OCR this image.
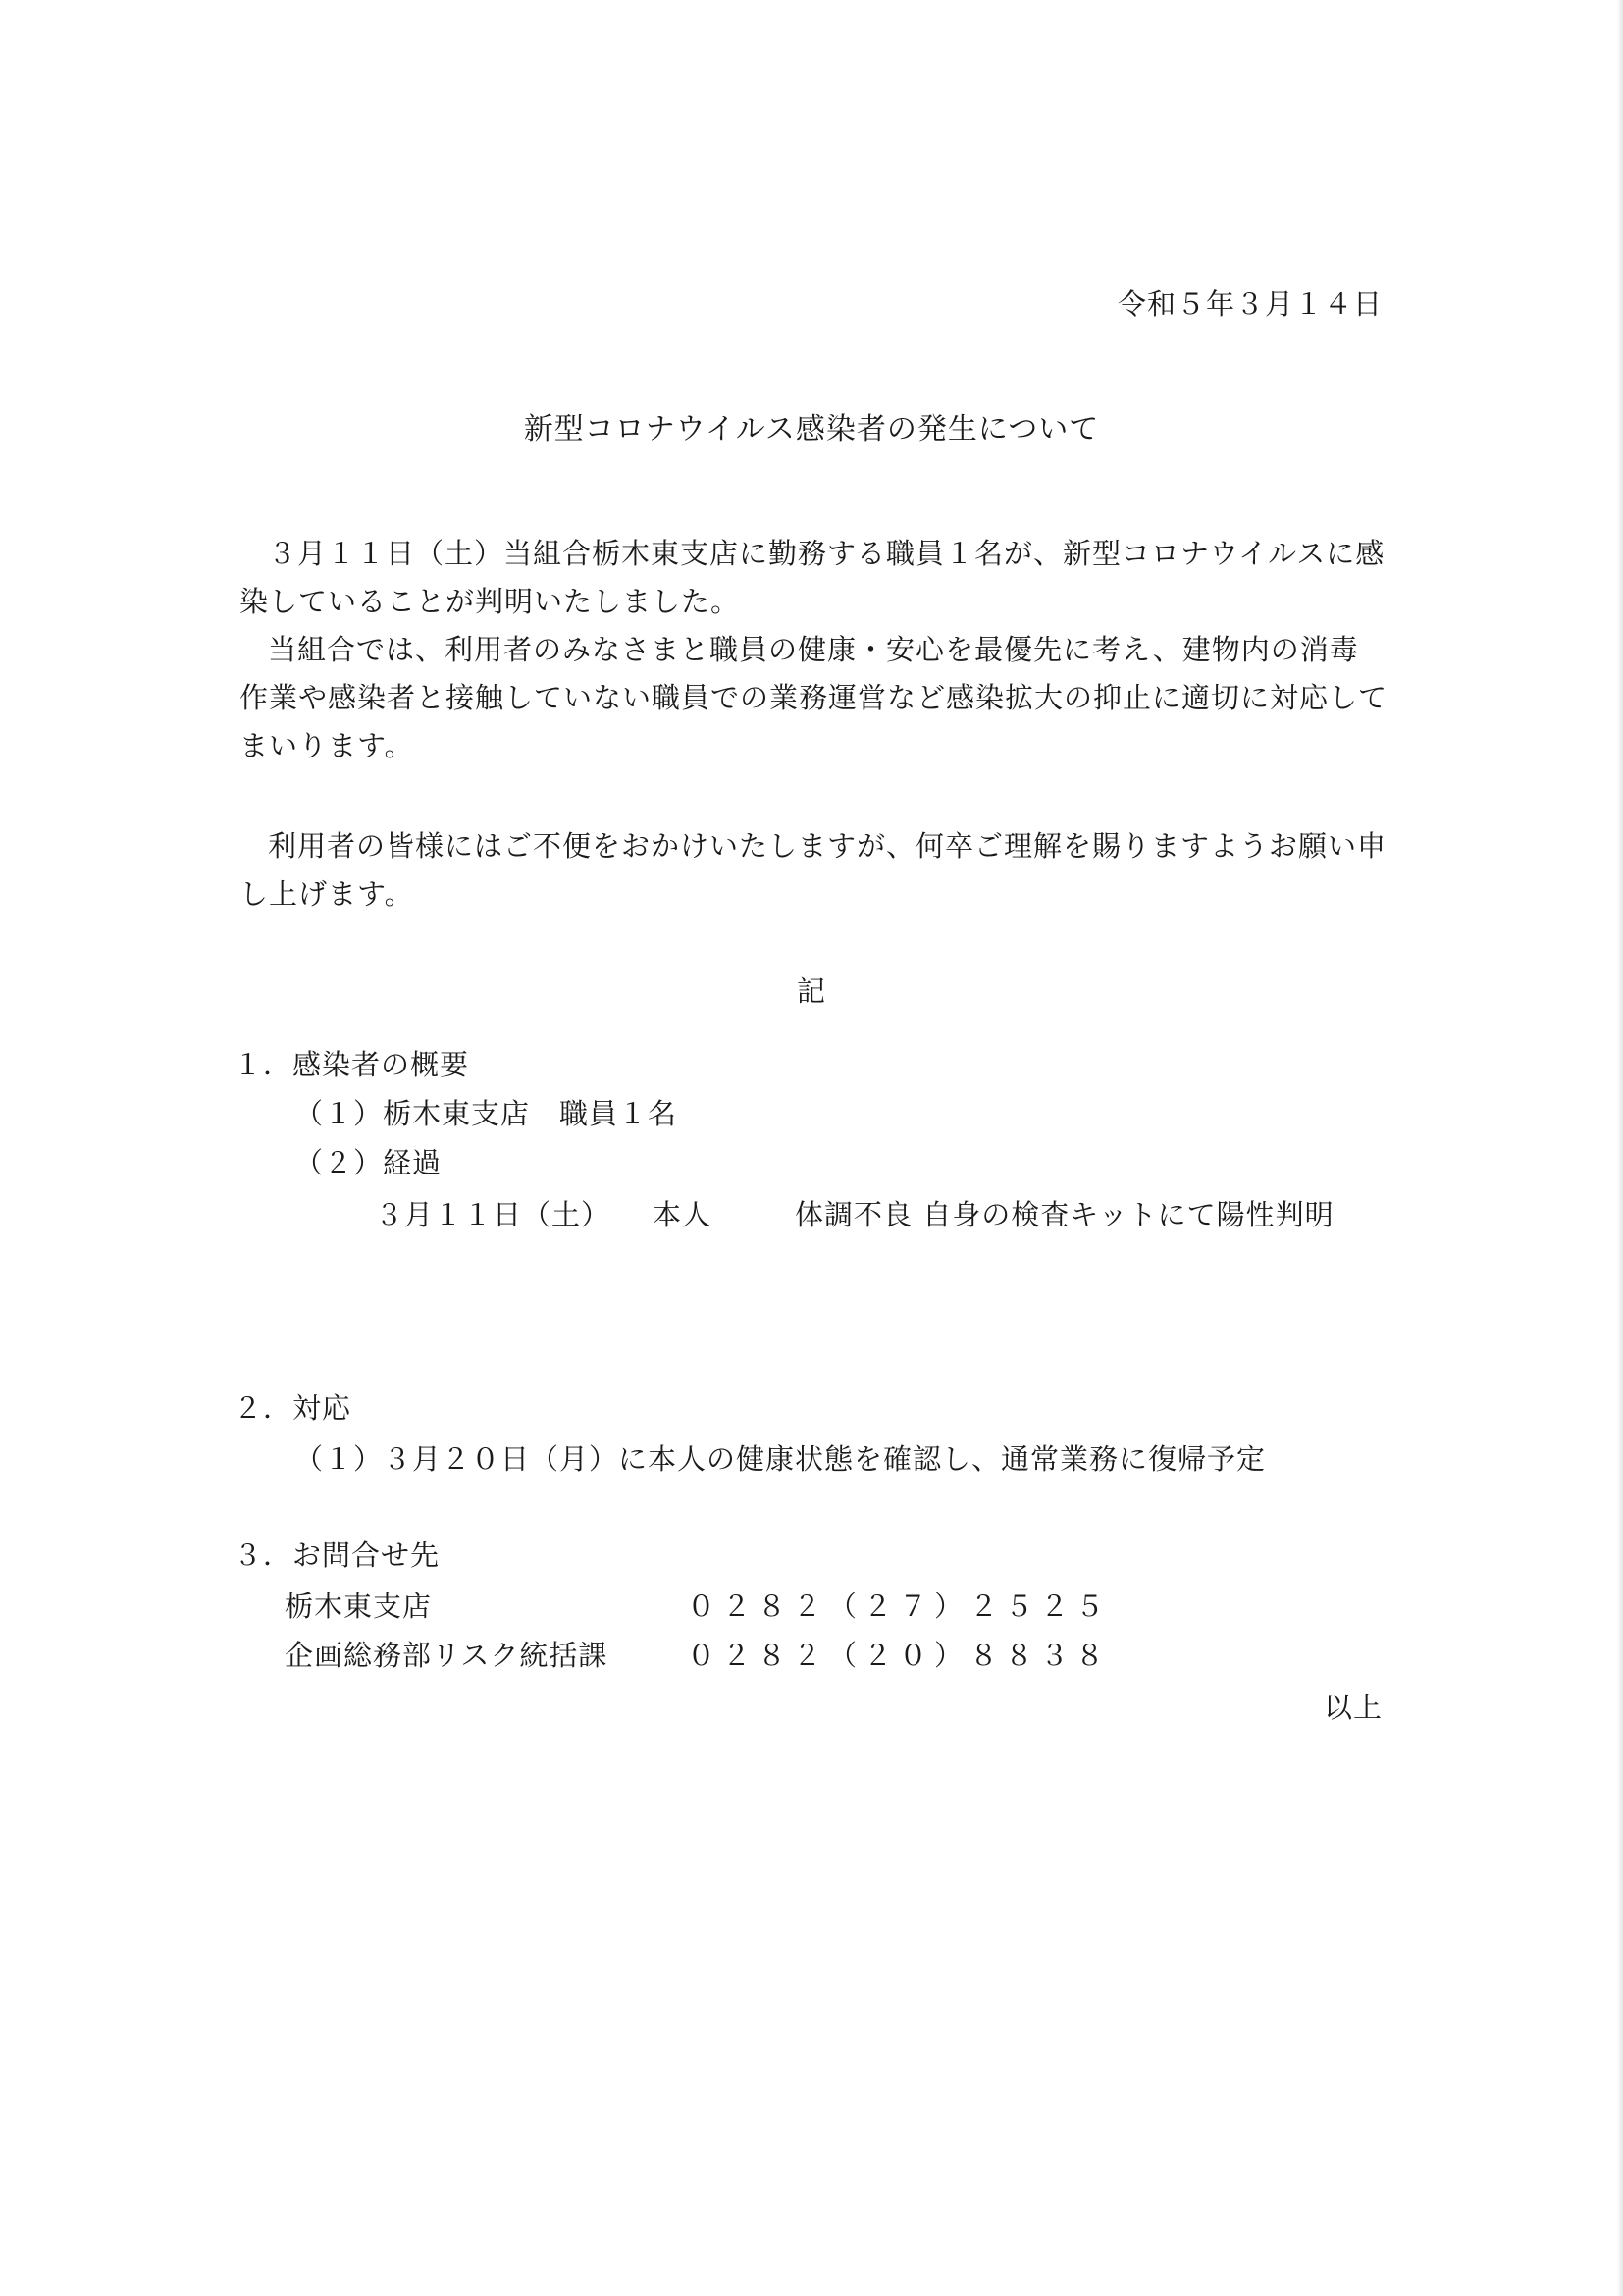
令和５年３月１４日
新型コロナウイルス感染者の発生について

３月１１日（土）当組合栃木東支店に勤務する職員１名が、新型コロナウイルスに感染していることが判明いたしました。

当組合では、利用者のみなさまと職員の健康・安心を最優先に考え、建物内の消毒作業や感染者と接触していない職員での業務運営など感染拡大の抑止に適切に対応してまいります。

利用者の皆様にはご不便をおかけいたしますが、何卒ご理解を賜りますようお願い申し上げます。

記
１．感染者の概要
（１）栃木東支店　職員１名
（２）経過
３月１１日（土） 本人	体調不良 自身の検査キットにて陽性判明
２．対応
（１）３月２０日（月）に本人の健康状態を確認し、通常業務に復帰予定
３．お問合せ先
栃木東支店	０２８２（２７）２５２５
企画総務部リスク統括課	０２８２（２０）８８３８
以上
